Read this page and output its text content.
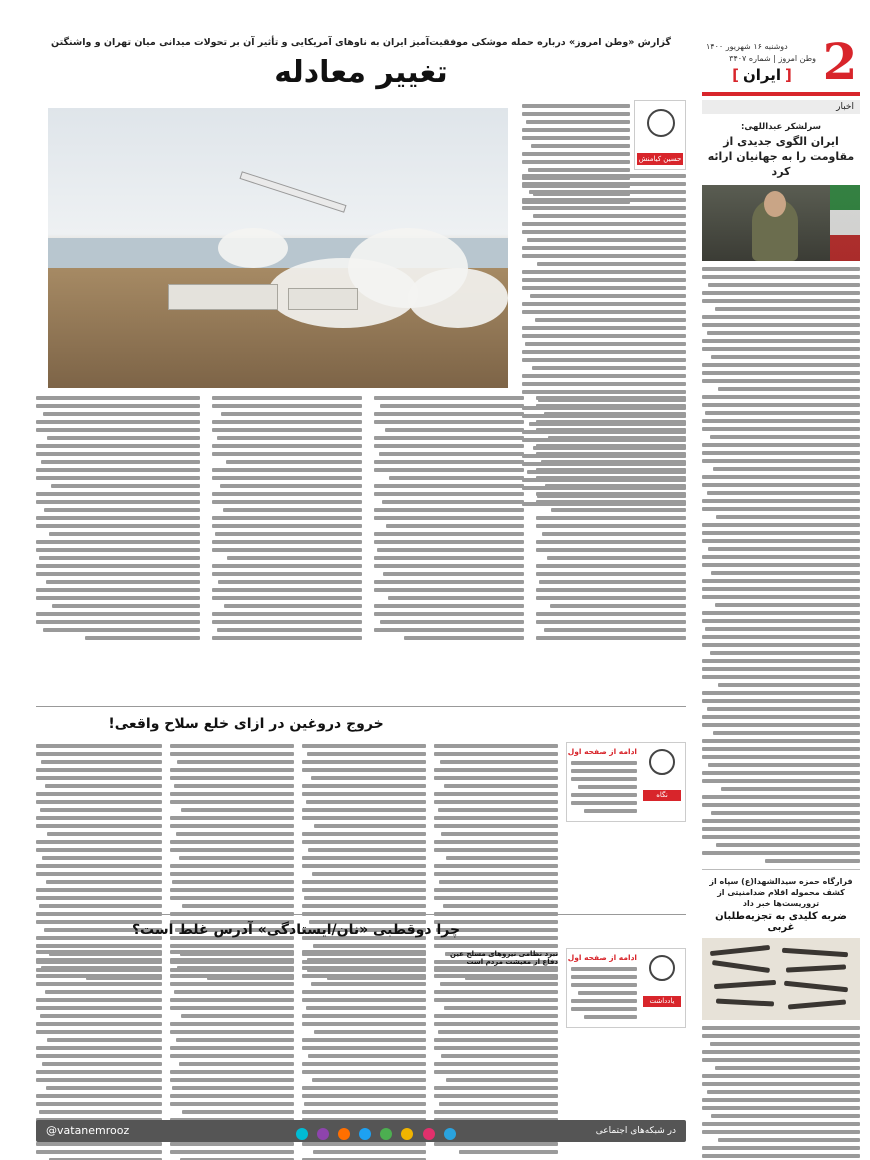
2
دوشنبه ۱۶ شهریور ۱۴۰۰
وطن امروز | شماره ۳۴۰۷
[ایران]
اخبار
سرلشکر عبداللهی:
ایران الگوی جدیدی از مقاومت را به جهانیان ارائه کرد
فرارگاه حمزه سیدالشهدا(ع) سپاه از کشف محموله اقلام ضدامنیتی از تروریست‌ها خبر داد
ضربه کلیدی به تجزیه‌طلبان غربی
گزارش «وطن امروز» درباره حمله موشکی موفقیت‌آمیز ایران به ناوهای آمریکایی و تأثیر آن بر تحولات میدانی میان تهران و واشنگتن
تغییر معادله
حسین کیامنش
خروج دروغین در ازای خلع سلاح واقعی!
نگاه
ادامه از صفحه اول
چرا دوقطبی «نان/ایستادگی» آدرس غلط است؟
یادداشت
ادامه از صفحه اول
نبرد نظامی نیروهای مسلح عین دفاع از معیشت مردم است
در شبکه‌های اجتماعی

@vatanemrooz
